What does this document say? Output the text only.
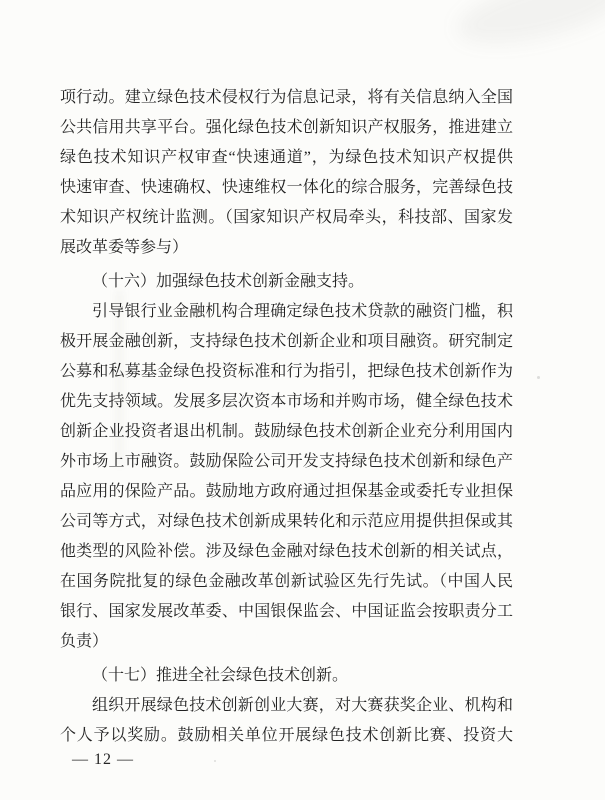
项行动。建立绿色技术侵权行为信息记录，将有关信息纳入全国

公共信用共享平台。强化绿色技术创新知识产权服务，推进建立

绿色技术知识产权审查“快速通道”，为绿色技术知识产权提供

快速审查、快速确权、快速维权一体化的综合服务，完善绿色技

术知识产权统计监测。（国家知识产权局牵头，科技部、国家发

展改革委等参与）

（十六）加强绿色技术创新金融支持。

引导银行业金融机构合理确定绿色技术贷款的融资门槛，积

极开展金融创新，支持绿色技术创新企业和项目融资。研究制定

公募和私募基金绿色投资标准和行为指引，把绿色技术创新作为

优先支持领域。发展多层次资本市场和并购市场，健全绿色技术

创新企业投资者退出机制。鼓励绿色技术创新企业充分利用国内

外市场上市融资。鼓励保险公司开发支持绿色技术创新和绿色产

品应用的保险产品。鼓励地方政府通过担保基金或委托专业担保

公司等方式，对绿色技术创新成果转化和示范应用提供担保或其

他类型的风险补偿。涉及绿色金融对绿色技术创新的相关试点，

在国务院批复的绿色金融改革创新试验区先行先试。（中国人民

银行、国家发展改革委、中国银保监会、中国证监会按职责分工

负责）

（十七）推进全社会绿色技术创新。

组织开展绿色技术创新创业大赛，对大赛获奖企业、机构和

个人予以奖励。鼓励相关单位开展绿色技术创新比赛、投资大

— 12 —
